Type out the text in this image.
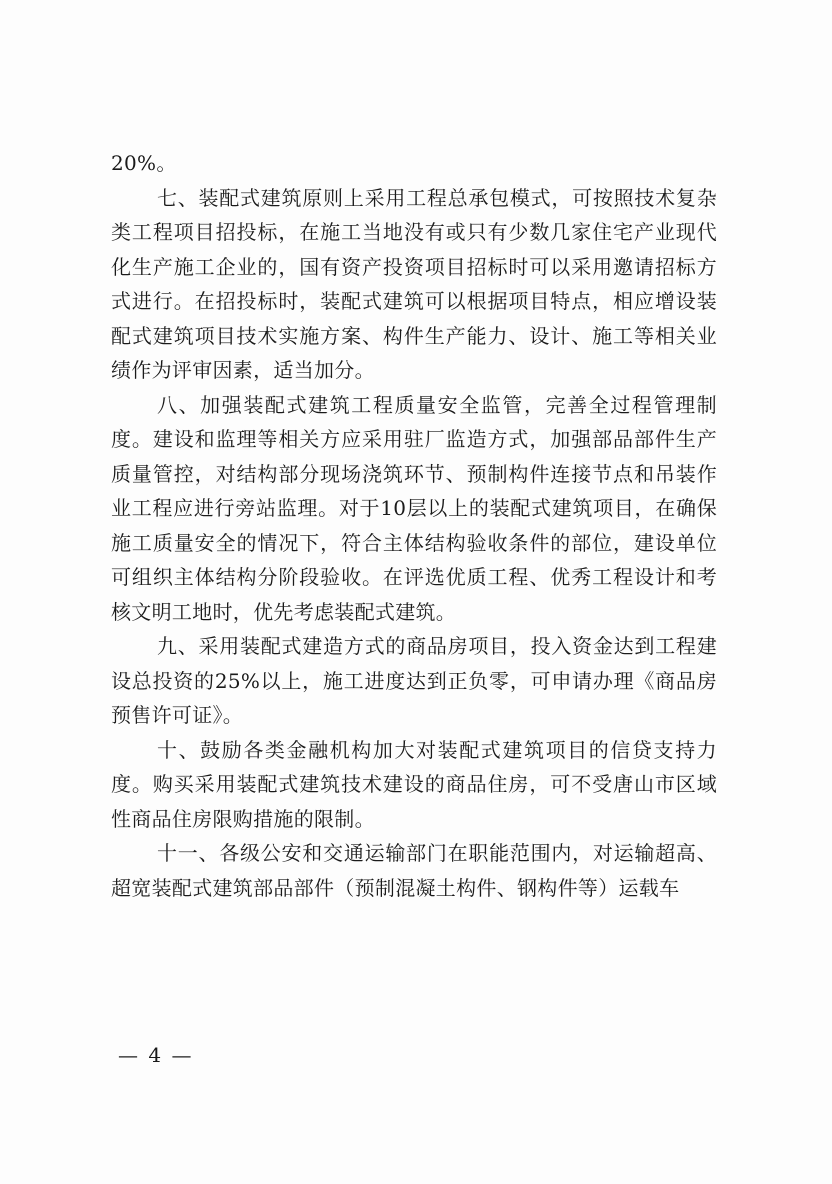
20%。

七、装配式建筑原则上采用工程总承包模式，可按照技术复杂类工程项目招投标，在施工当地没有或只有少数几家住宅产业现代化生产施工企业的，国有资产投资项目招标时可以采用邀请招标方式进行。在招投标时，装配式建筑可以根据项目特点，相应增设装配式建筑项目技术实施方案、构件生产能力、设计、施工等相关业绩作为评审因素，适当加分。

八、加强装配式建筑工程质量安全监管，完善全过程管理制度。建设和监理等相关方应采用驻厂监造方式，加强部品部件生产质量管控，对结构部分现场浇筑环节、预制构件连接节点和吊装作业工程应进行旁站监理。对于10层以上的装配式建筑项目，在确保施工质量安全的情况下，符合主体结构验收条件的部位，建设单位可组织主体结构分阶段验收。在评选优质工程、优秀工程设计和考核文明工地时，优先考虑装配式建筑。

九、采用装配式建造方式的商品房项目，投入资金达到工程建设总投资的25%以上，施工进度达到正负零，可申请办理《商品房预售许可证》。

十、鼓励各类金融机构加大对装配式建筑项目的信贷支持力度。购买采用装配式建筑技术建设的商品住房，可不受唐山市区域性商品住房限购措施的限制。

十一、各级公安和交通运输部门在职能范围内，对运输超高、超宽装配式建筑部品部件（预制混凝土构件、钢构件等）运载车

— 4 —
